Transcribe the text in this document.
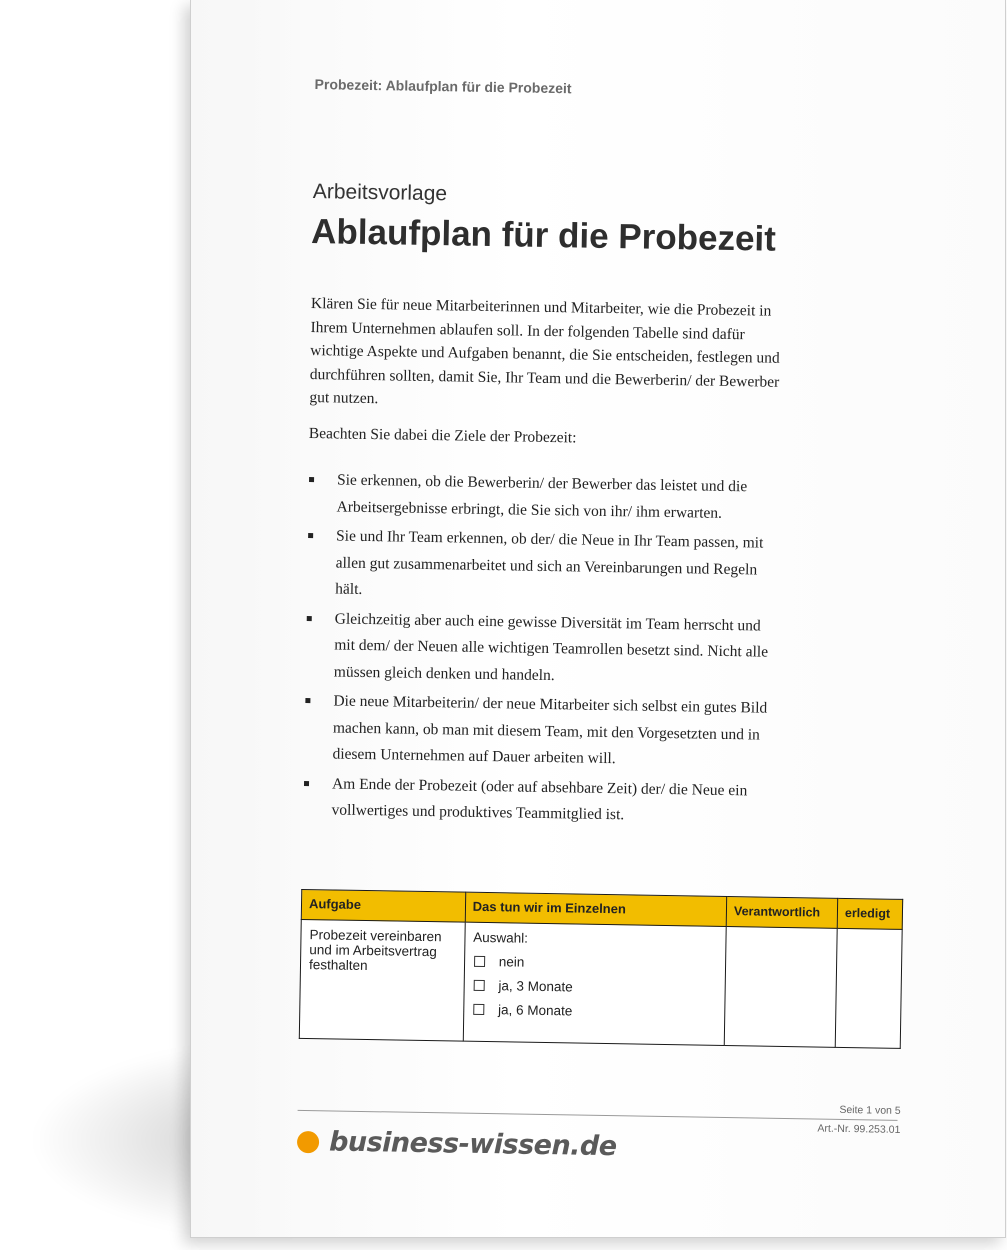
Probezeit: Ablaufplan für die Probezeit
Arbeitsvorlage
Ablaufplan für die Probezeit

Klären Sie für neue Mitarbeiterinnen und Mitarbeiter, wie die Probezeit in Ihrem Unternehmen ablaufen soll. In der folgenden Tabelle sind dafür wichtige Aspekte und Aufgaben benannt, die Sie entscheiden, festlegen und durchführen sollten, damit Sie, Ihr Team und die Bewerberin/ der Bewerber gut nutzen.

Beachten Sie dabei die Ziele der Probezeit:

Sie erkennen, ob die Bewerberin/ der Bewerber das leistet und die Arbeitsergebnisse erbringt, die Sie sich von ihr/ ihm erwarten.
Sie und Ihr Team erkennen, ob der/ die Neue in Ihr Team passen, mit allen gut zusammenarbeitet und sich an Vereinbarungen und Regeln hält.
Gleichzeitig aber auch eine gewisse Diversität im Team herrscht und mit dem/ der Neuen alle wichtigen Teamrollen besetzt sind. Nicht alle müssen gleich denken und handeln.
Die neue Mitarbeiterin/ der neue Mitarbeiter sich selbst ein gutes Bild machen kann, ob man mit diesem Team, mit den Vorgesetzten und in diesem Unternehmen auf Dauer arbeiten will.
Am Ende der Probezeit (oder auf absehbare Zeit) der/ die Neue ein vollwertiges und produktives Teammitglied ist.
Aufgabe	Das tun wir im Einzelnen	Verantwortlich	erledigt
Probezeit vereinbaren und im Arbeitsvertrag festhalten	Auswahl:
nein
ja, 3 Monate
ja, 6 Monate		

Seite 1 von 5
Art.-Nr. 99.253.01
business-wissen.de
